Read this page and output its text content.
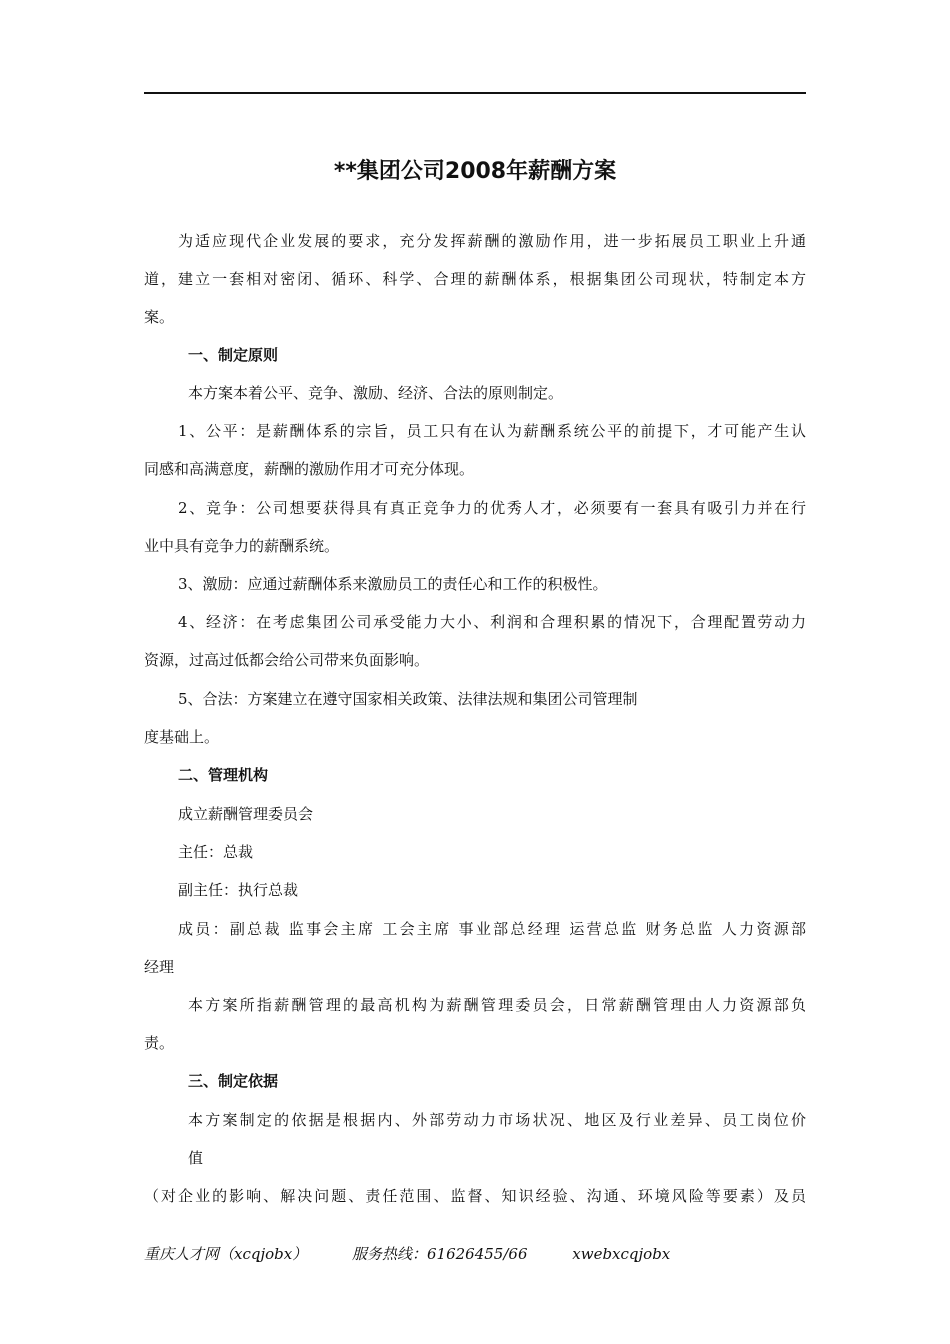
**集团公司2008年薪酬方案
为适应现代企业发展的要求，充分发挥薪酬的激励作用，进一步拓展员工职业上升通
道，建立一套相对密闭、循环、科学、合理的薪酬体系，根据集团公司现状，特制定本方
案。
一、制定原则
本方案本着公平、竞争、激励、经济、合法的原则制定。
1、公平：是薪酬体系的宗旨，员工只有在认为薪酬系统公平的前提下，才可能产生认
同感和高满意度，薪酬的激励作用才可充分体现。
2、竞争：公司想要获得具有真正竞争力的优秀人才，必须要有一套具有吸引力并在行
业中具有竞争力的薪酬系统。
3、激励：应通过薪酬体系来激励员工的责任心和工作的积极性。
4、经济：在考虑集团公司承受能力大小、利润和合理积累的情况下，合理配置劳动力
资源，过高过低都会给公司带来负面影响。
5、合法：方案建立在遵守国家相关政策、法律法规和集团公司管理制
度基础上。
二、管理机构
成立薪酬管理委员会
主任：总裁
副主任：执行总裁
成员：副总裁 监事会主席 工会主席 事业部总经理 运营总监 财务总监 人力资源部
经理
本方案所指薪酬管理的最高机构为薪酬管理委员会，日常薪酬管理由人力资源部负
责。
三、制定依据
本方案制定的依据是根据内、外部劳动力市场状况、地区及行业差异、员工岗位价
值
（对企业的影响、解决问题、责任范围、监督、知识经验、沟通、环境风险等要素）及员
重庆人才网（xcqjobx）	服务热线：61626455/66	xwebxcqjobx
